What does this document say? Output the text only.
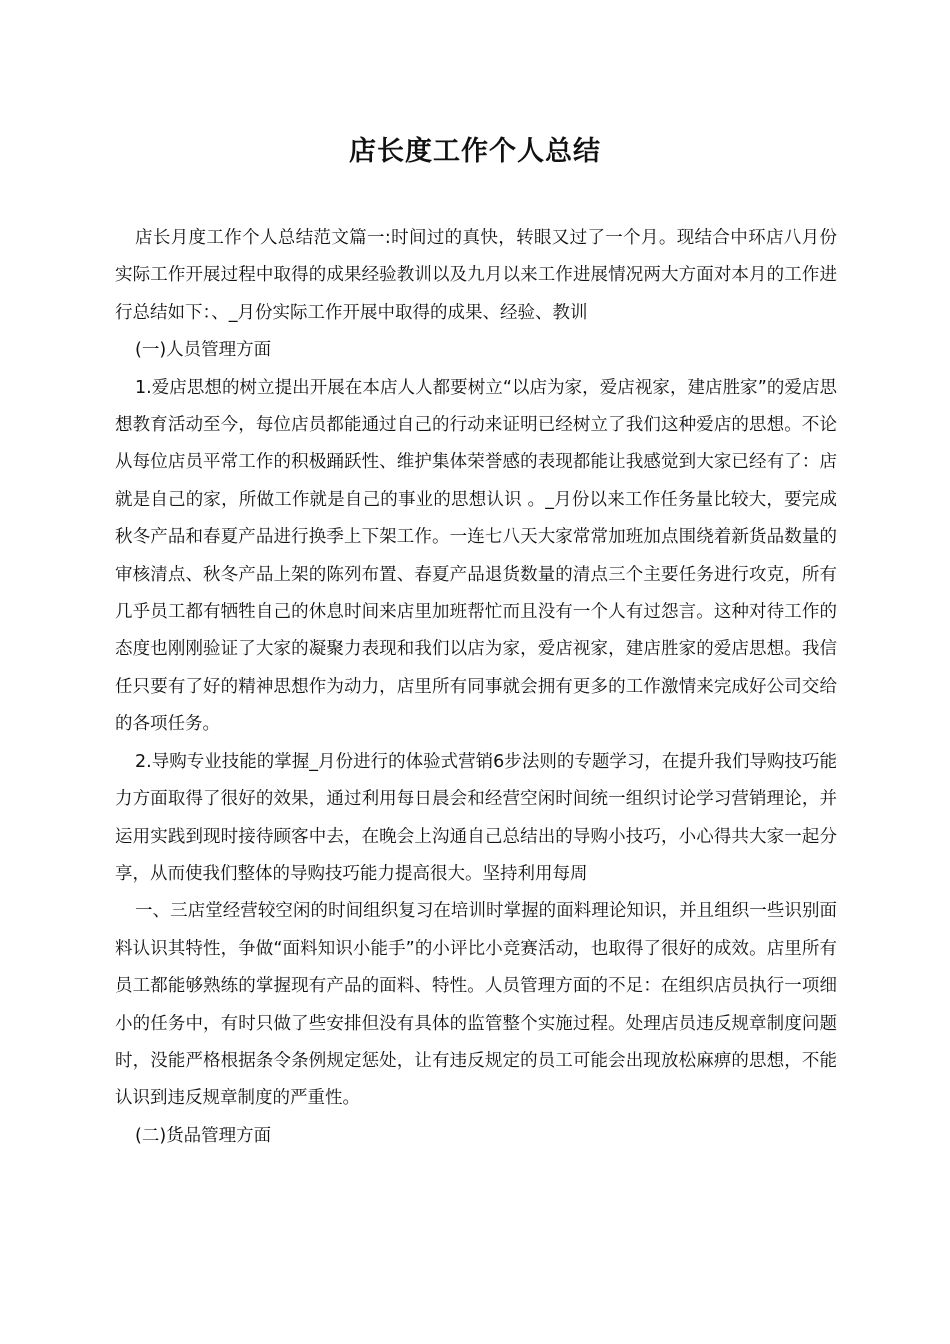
店长度工作个人总结

店长月度工作个人总结范文篇一:时间过的真快，转眼又过了一个月。现结合中环店八月份实际工作开展过程中取得的成果经验教训以及九月以来工作进展情况两大方面对本月的工作进行总结如下：、_月份实际工作开展中取得的成果、经验、教训

(一)人员管理方面

1.爱店思想的树立提出开展在本店人人都要树立“以店为家，爱店视家，建店胜家”的爱店思想教育活动至今，每位店员都能通过自己的行动来证明已经树立了我们这种爱店的思想。不论从每位店员平常工作的积极踊跃性、维护集体荣誉感的表现都能让我感觉到大家已经有了：店就是自己的家，所做工作就是自己的事业的思想认识 。_月份以来工作任务量比较大，要完成秋冬产品和春夏产品进行换季上下架工作。一连七八天大家常常加班加点围绕着新货品数量的审核清点、秋冬产品上架的陈列布置、春夏产品退货数量的清点三个主要任务进行攻克，所有几乎员工都有牺牲自己的休息时间来店里加班帮忙而且没有一个人有过怨言。这种对待工作的态度也刚刚验证了大家的凝聚力表现和我们以店为家，爱店视家，建店胜家的爱店思想。我信任只要有了好的精神思想作为动力，店里所有同事就会拥有更多的工作激情来完成好公司交给的各项任务。

2.导购专业技能的掌握_月份进行的体验式营销6步法则的专题学习，在提升我们导购技巧能力方面取得了很好的效果，通过利用每日晨会和经营空闲时间统一组织讨论学习营销理论，并运用实践到现时接待顾客中去，在晚会上沟通自己总结出的导购小技巧，小心得共大家一起分享，从而使我们整体的导购技巧能力提高很大。坚持利用每周

一、三店堂经营较空闲的时间组织复习在培训时掌握的面料理论知识，并且组织一些识别面料认识其特性，争做“面料知识小能手”的小评比小竞赛活动，也取得了很好的成效。店里所有员工都能够熟练的掌握现有产品的面料、特性。人员管理方面的不足：在组织店员执行一项细小的任务中，有时只做了些安排但没有具体的监管整个实施过程。处理店员违反规章制度问题时，没能严格根据条令条例规定惩处，让有违反规定的员工可能会出现放松麻痹的思想，不能认识到违反规章制度的严重性。

(二)货品管理方面
